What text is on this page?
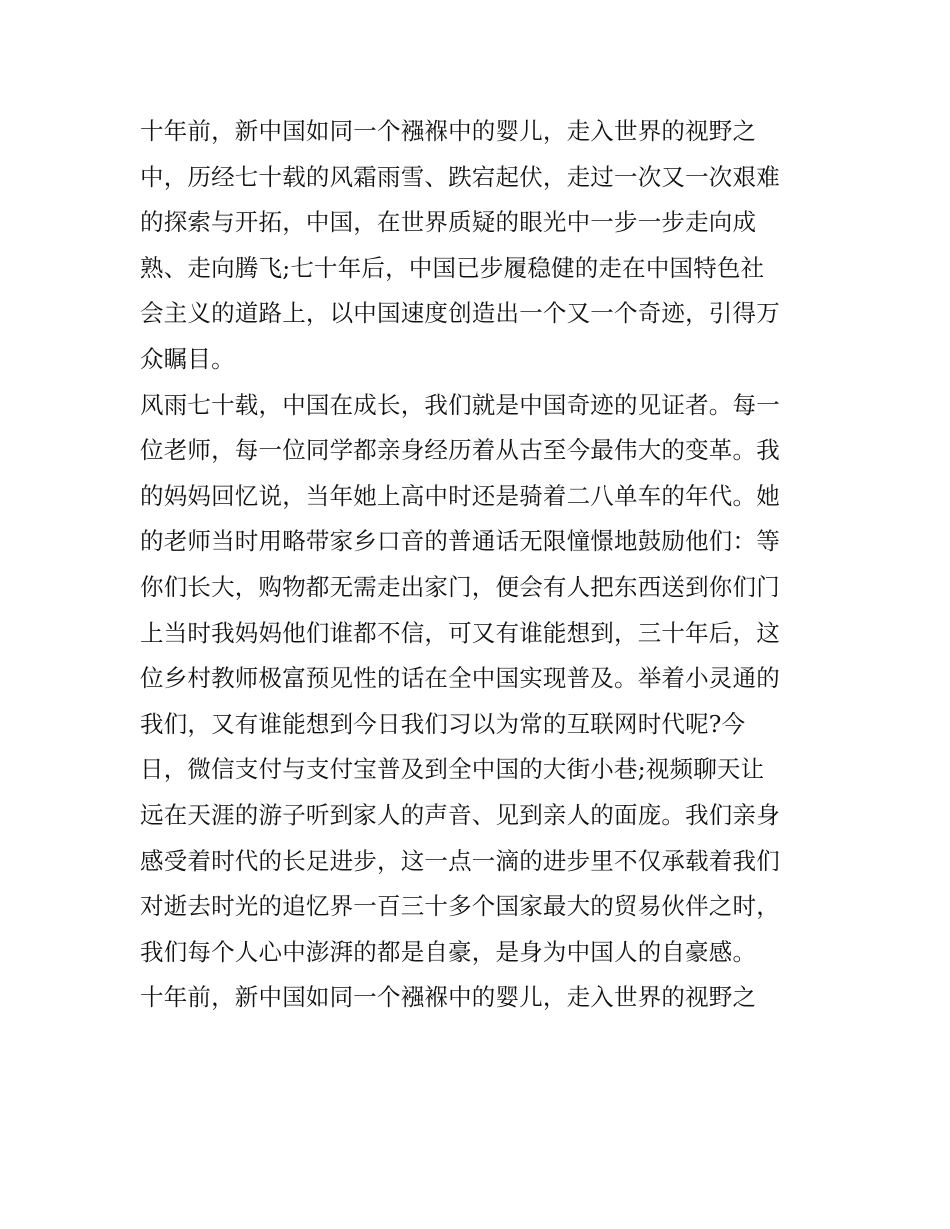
十年前，新中国如同一个襁褓中的婴儿，走入世界的视野之
中，历经七十载的风霜雨雪、跌宕起伏，走过一次又一次艰难
的探索与开拓，中国，在世界质疑的眼光中一步一步走向成
熟、走向腾飞;七十年后，中国已步履稳健的走在中国特色社
会主义的道路上，以中国速度创造出一个又一个奇迹，引得万
众瞩目。
风雨七十载，中国在成长，我们就是中国奇迹的见证者。每一
位老师，每一位同学都亲身经历着从古至今最伟大的变革。我
的妈妈回忆说，当年她上高中时还是骑着二八单车的年代。她
的老师当时用略带家乡口音的普通话无限憧憬地鼓励他们：等
你们长大，购物都无需走出家门，便会有人把东西送到你们门
上当时我妈妈他们谁都不信，可又有谁能想到，三十年后，这
位乡村教师极富预见性的话在全中国实现普及。举着小灵通的
我们，又有谁能想到今日我们习以为常的互联网时代呢?今
日，微信支付与支付宝普及到全中国的大街小巷;视频聊天让
远在天涯的游子听到家人的声音、见到亲人的面庞。我们亲身
感受着时代的长足进步，这一点一滴的进步里不仅承载着我们
对逝去时光的追忆界一百三十多个国家最大的贸易伙伴之时，
我们每个人心中澎湃的都是自豪，是身为中国人的自豪感。
十年前，新中国如同一个襁褓中的婴儿，走入世界的视野之
